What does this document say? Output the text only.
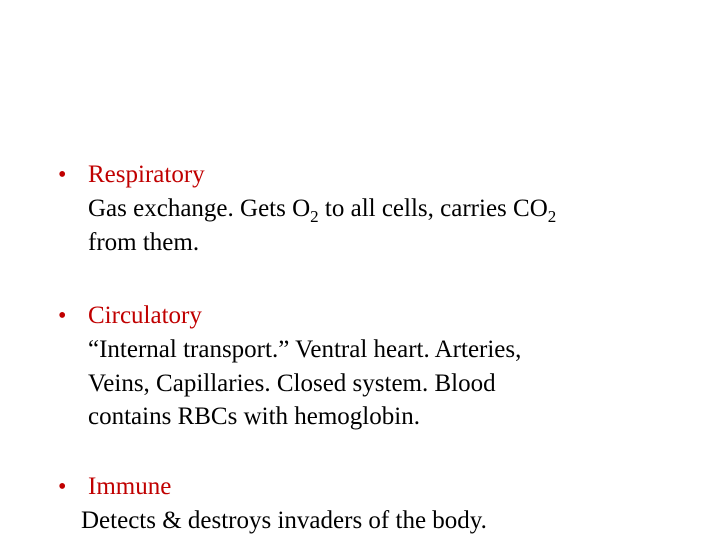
• Respiratory
Gas exchange. Gets $O_2$ to all cells, carries $CO_2$
from them.
• Circulatory
“Internal transport.” Ventral heart. Arteries,
Veins, Capillaries. Closed system. Blood
contains RBCs with hemoglobin.
• Immune
Detects & destroys invaders of the body.
